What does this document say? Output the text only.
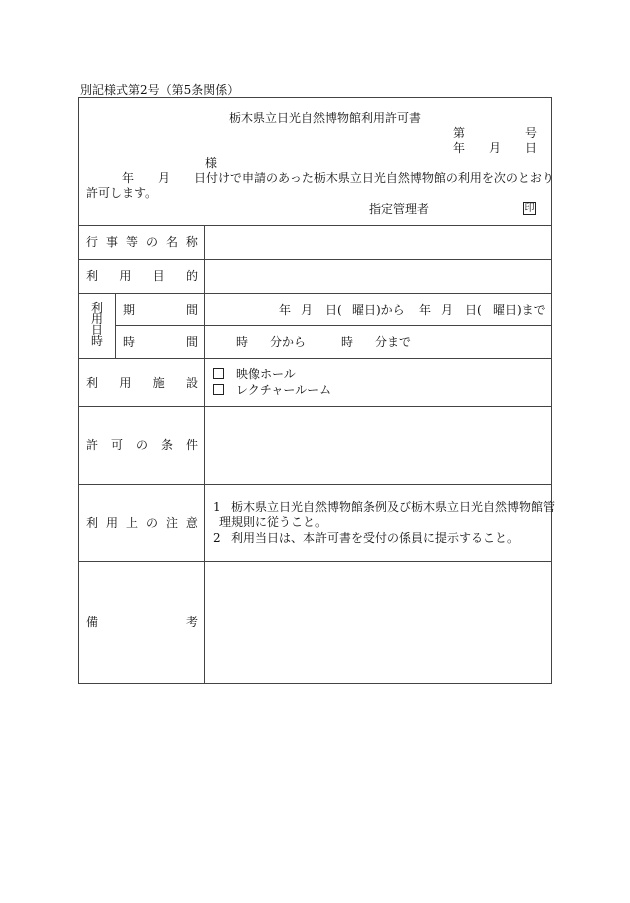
別記様式第2号（第5条関係）
栃木県立日光自然博物館利用許可書
第	号
年 月 日
様
年 月 日付けで申請のあった栃木県立日光自然博物館の利用を次のとおり
許可します。
指定管理者	印
行 事 等 の 名 称
利 用 目 的
利
用
日
時
期	間	年 月 日( 曜日)から 年 月 日( 曜日)まで
時	間	時 分から	時 分まで
利 用 施 設
映像ホール
レクチャールーム
許 可 の 条 件
利 用 上 の 注 意
1 栃木県立日光自然博物館条例及び栃木県立日光自然博物館管
理規則に従うこと。
2 利用当日は、本許可書を受付の係員に提示すること。
備	考
